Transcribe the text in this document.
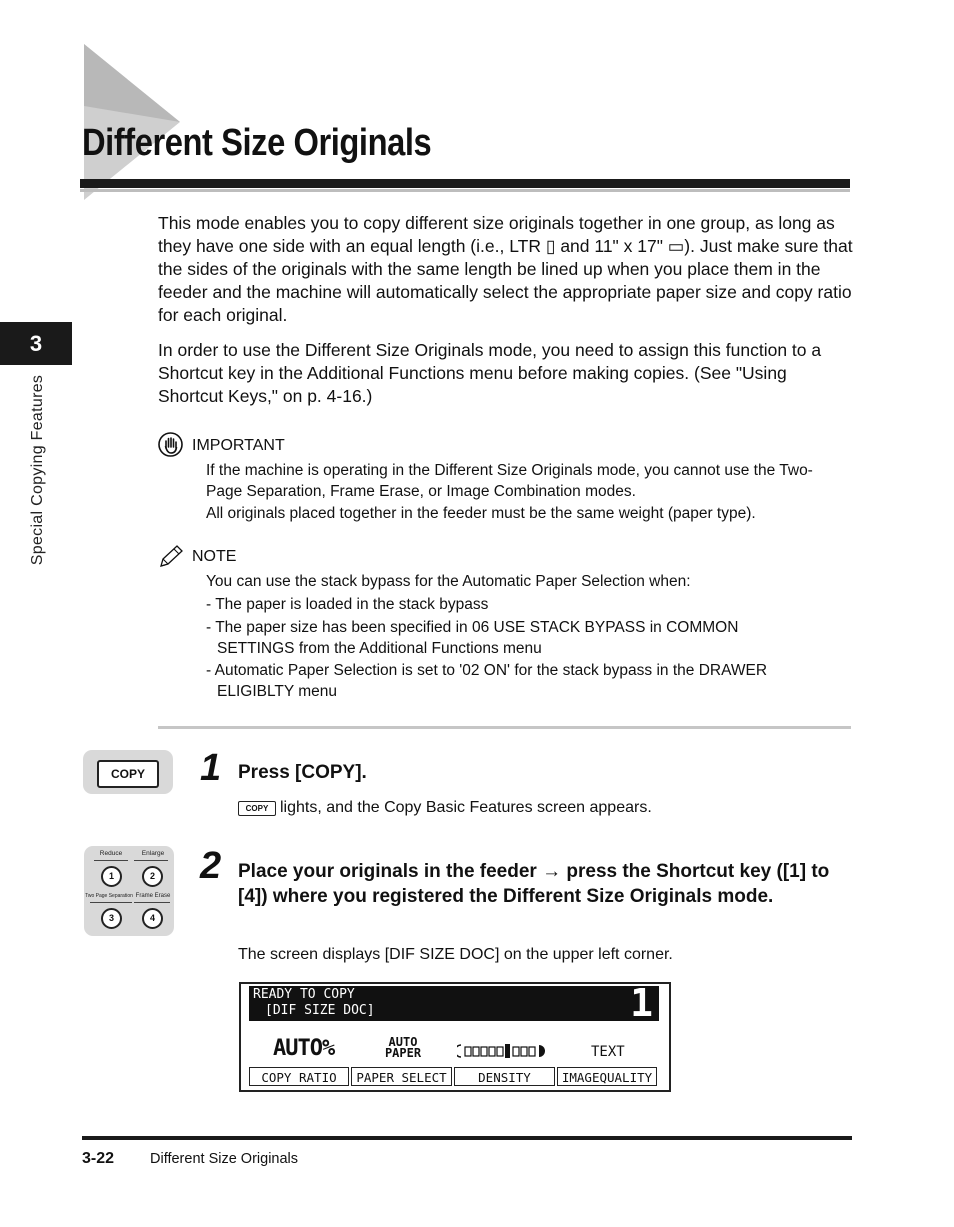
Different Size Originals
3
Special Copying Features
This mode enables you to copy different size originals together in one group, as long as they have one side with an equal length (i.e., LTR ▯ and 11" x 17" ▭). Just make sure that the sides of the originals with the same length be lined up when you place them in the feeder and the machine will automatically select the appropriate paper size and copy ratio for each original.
In order to use the Different Size Originals mode, you need to assign this function to a Shortcut key in the Additional Functions menu before making copies. (See "Using Shortcut Keys," on p. 4-16.)
IMPORTANT
If the machine is operating in the Different Size Originals mode, you cannot use the Two-Page Separation, Frame Erase, or Image Combination modes.
All originals placed together in the feeder must be the same weight (paper type).
NOTE
You can use the stack bypass for the Automatic Paper Selection when:
- The paper is loaded in the stack bypass
- The paper size has been specified in 06 USE STACK BYPASS in COMMON SETTINGS from the Additional Functions menu
- Automatic Paper Selection is set to '02 ON' for the stack bypass in the DRAWER ELIGIBLTY menu
COPY	1 Press [COPY].
COPY lights, and the Copy Basic Features screen appears.
Reduce	Enlarge
1	2
Two Page Separation Frame Erase
3	4
2 Place your originals in the feeder → press the Shortcut key ([1] to [4]) where you registered the Different Size Originals mode.
The screen displays [DIF SIZE DOC] on the upper left corner.
READY TO COPY
[DIF SIZE DOC]	1
AUTO%	AUTO
PAPER	TEXT
COPY RATIO	PAPER SELECT	DENSITY	IMAGEQUALITY
3-22 Different Size Originals
